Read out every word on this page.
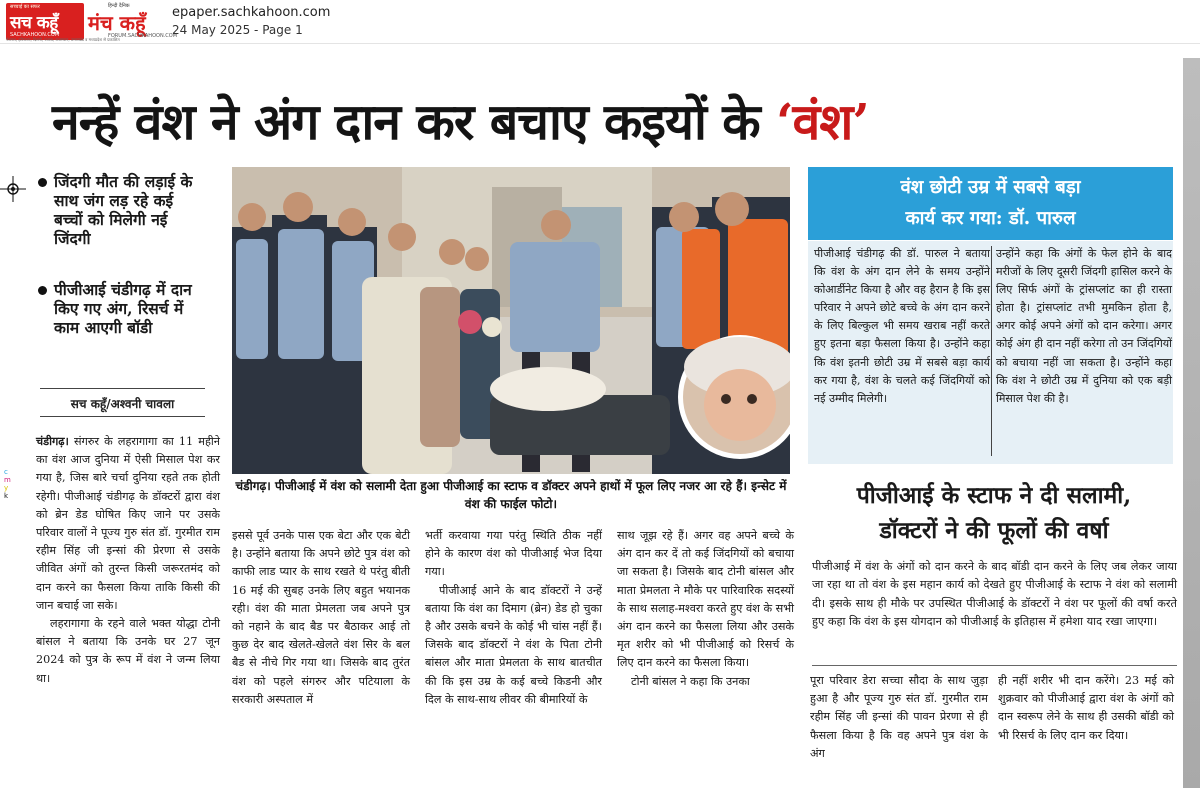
सच्चाई का सफर
सच कहूँ
SACHKAHOON.COM
हिन्दी दैनिक
मंच कहूँ
FORUM.SACHKAHOON.COM
नेशनल, हरियाणा, दिल्ली, पंजाब, राजस्थान, उत्तराखंड व मध्यप्रदेश से प्रकाशित
epaper.sachkahoon.com
24 May 2025 - Page 1
नन्हें वंश ने अंग दान कर बचाए कइयों के ‘वंश’
जिंदगी मौत की लड़ाई के साथ जंग लड़ रहे कई बच्चों को मिलेगी नई जिंदगी
पीजीआई चंडीगढ़ में दान किए गए अंग, रिसर्च में काम आएगी बॉडी
सच कहूँ/अश्वनी चावला
c
m
y
k

चंडीगढ़। संगरुर के लहरागागा का 11 महीने का वंश आज दुनिया में ऐसी मिसाल पेश कर गया है, जिस बारे चर्चा दुनिया रहते तक होती रहेगी। पीजीआई चंडीगढ़ के डॉक्टरों द्वारा वंश को ब्रेन डेड घोषित किए जाने पर उसके परिवार वालों ने पूज्य गुरु संत डॉ. गुरमीत राम रहीम सिंह जी इन्सां की प्रेरणा से उसके जीवित अंगों को तुरन्त किसी जरूरतमंद को दान करने का फैसला किया ताकि किसी की जान बचाई जा सके।

लहरागागा के रहने वाले भक्त योद्धा टोनी बांसल ने बताया कि उनके घर 27 जून 2024 को पुत्र के रूप में वंश ने जन्म लिया था।

चंडीगढ़। पीजीआई में वंश को सलामी देता हुआ पीजीआई का स्टाफ व डॉक्टर अपने हाथों में फूल लिए नजर आ रहे हैं। इन्सेट में वंश की फाईल फोटो।

इससे पूर्व उनके पास एक बेटा और एक बेटी है। उन्होंने बताया कि अपने छोटे पुत्र वंश को काफी लाड प्यार के साथ रखते थे परंतु बीती 16 मई की सुबह उनके लिए बहुत भयानक रही। वंश की माता प्रेमलता जब अपने पुत्र को नहाने के बाद बैड पर बैठाकर आई तो कुछ देर बाद खेलते-खेलते वंश सिर के बल बैड से नीचे गिर गया था। जिसके बाद तुरंत वंश को पहले संगरुर और पटियाला के सरकारी अस्पताल में

भर्ती करवाया गया परंतु स्थिति ठीक नहीं होने के कारण वंश को पीजीआई भेज दिया गया।

पीजीआई आने के बाद डॉक्टरों ने उन्हें बताया कि वंश का दिमाग (ब्रेन) डेड हो चुका है और उसके बचने के कोई भी चांस नहीं हैं। जिसके बाद डॉक्टरों ने वंश के पिता टोनी बांसल और माता प्रेमलता के साथ बातचीत की कि इस उम्र के कई बच्चे किडनी और दिल के साथ-साथ लीवर की बीमारियों के

साथ जूझ रहे हैं। अगर वह अपने बच्चे के अंग दान कर दें तो कई जिंदगियों को बचाया जा सकता है। जिसके बाद टोनी बांसल और माता प्रेमलता ने मौके पर पारिवारिक सदस्यों के साथ सलाह-मश्वरा करते हुए वंश के सभी अंग दान करने का फैसला लिया और उसके मृत शरीर को भी पीजीआई को रिसर्च के लिए दान करने का फैसला किया।

टोनी बांसल ने कहा कि उनका

वंश छोटी उम्र में सबसे बड़ा
कार्य कर गया: डॉ. पारुल
पीजीआई चंडीगढ़ की डॉ. पारुल ने बताया कि वंश के अंग दान लेने के समय उन्होंने कोआर्डीनेट किया है और वह हैरान है कि इस परिवार ने अपने छोटे बच्चे के अंग दान करने के लिए बिल्कुल भी समय खराब नहीं करते हुए इतना बड़ा फैसला किया है। उन्होंने कहा कि वंश इतनी छोटी उम्र में सबसे बड़ा कार्य कर गया है, वंश के चलते कई जिंदगियों को नई उम्मीद मिलेगी।
उन्होंने कहा कि अंगों के फेल होने के बाद मरीजों के लिए दूसरी जिंदगी हासिल करने के लिए सिर्फ अंगों के ट्रांसप्लांट का ही रास्ता होता है। ट्रांसप्लांट तभी मुमकिन होता है, अगर कोई अपने अंगों को दान करेगा। अगर कोई अंग ही दान नहीं करेगा तो उन जिंदगियों को बचाया नहीं जा सकता है। उन्होंने कहा कि वंश ने छोटी उम्र में दुनिया को एक बड़ी मिसाल पेश की है।
पीजीआई के स्टाफ ने दी सलामी,
डॉक्टरों ने की फूलों की वर्षा
पीजीआई में वंश के अंगों को दान करने के बाद बॉडी दान करने के लिए जब लेकर जाया जा रहा था तो वंश के इस महान कार्य को देखते हुए पीजीआई के स्टाफ ने वंश को सलामी दी। इसके साथ ही मौके पर उपस्थित पीजीआई के डॉक्टरों ने वंश पर फूलों की वर्षा करते हुए कहा कि वंश के इस योगदान को पीजीआई के इतिहास में हमेशा याद रखा जाएगा।

पूरा परिवार डेरा सच्चा सौदा के साथ जुड़ा हुआ है और पूज्य गुरु संत डॉ. गुरमीत राम रहीम सिंह जी इन्सां की पावन प्रेरणा से ही फैसला किया है कि वह अपने पुत्र वंश के अंग

ही नहीं शरीर भी दान करेंगे। 23 मई को शुक्रवार को पीजीआई द्वारा वंश के अंगों को दान स्वरूप लेने के साथ ही उसकी बॉडी को भी रिसर्च के लिए दान कर दिया।
